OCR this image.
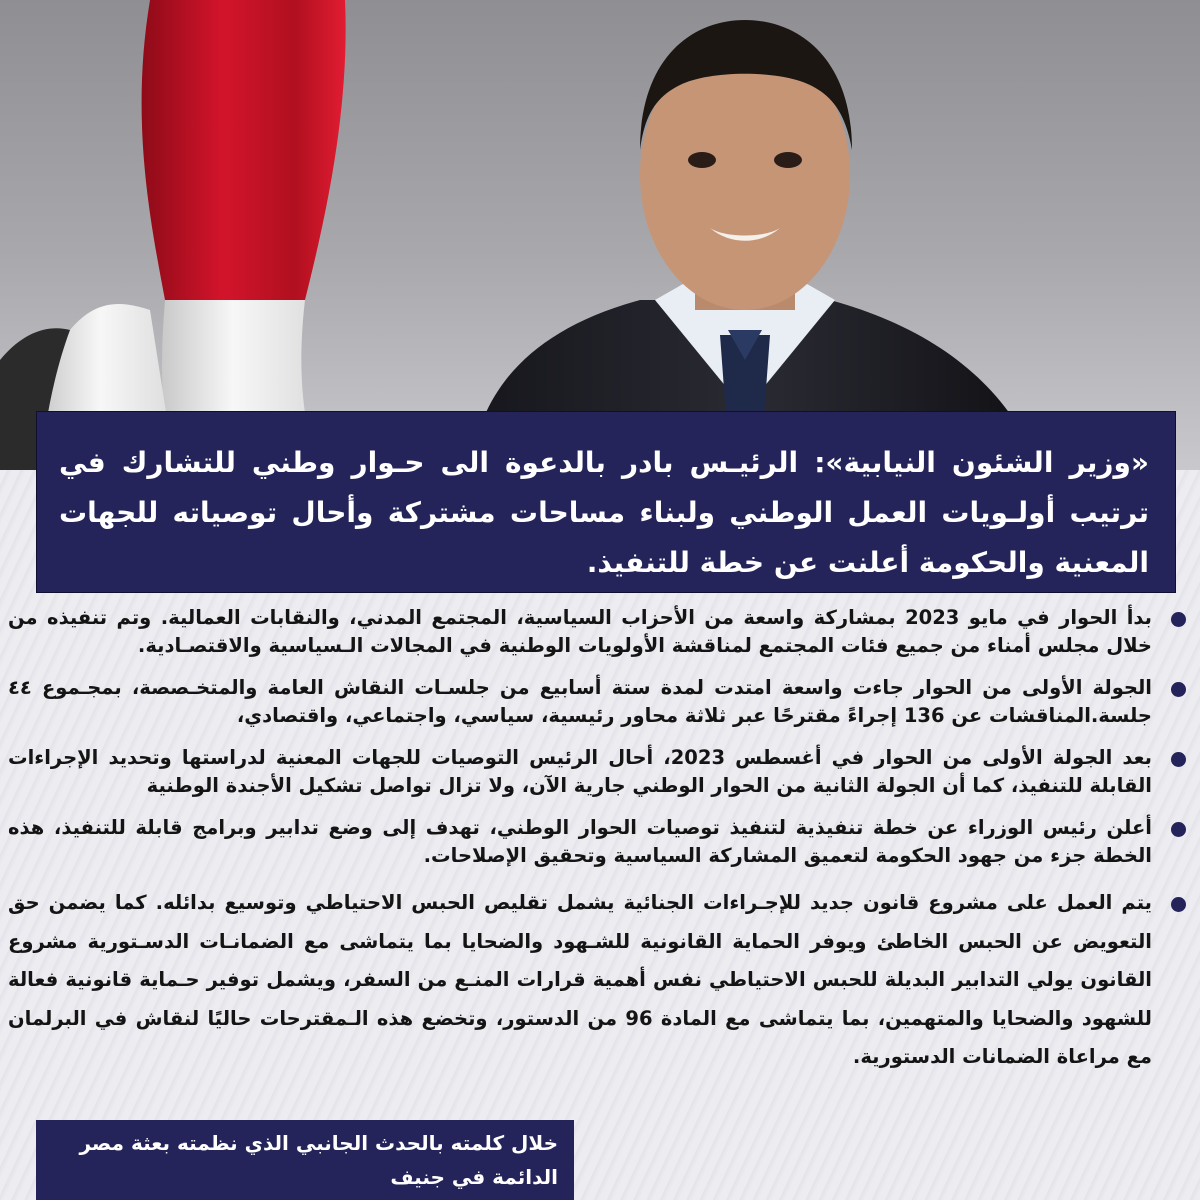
«وزير الشئون النيابية»: الرئيـس بادر بالدعوة الى حـوار وطني للتشارك في ترتيب أولـويات العمل الوطني ولبناء مساحات مشتركة وأحال توصياته للجهات المعنية والحكومة أعلنت عن خطة للتنفيذ.
بدأ الحوار في مايو 2023 بمشاركة واسعة من الأحزاب السياسية، المجتمع المدني، والنقابات العمالية. وتم تنفيذه من خلال مجلس أمناء من جميع فئات المجتمع لمناقشة الأولويات الوطنية في المجالات الـسياسية والاقتصـادية.
الجولة الأولى من الحوار جاءت واسعة امتدت لمدة ستة أسابيع من جلسـات النقاش العامة والمتخـصصة، بمجـموع ٤٤ جلسة.المناقشات عن 136 إجراءً مقترحًا عبر ثلاثة محاور رئيسية، سياسي، واجتماعي، واقتصادي،
بعد الجولة الأولى من الحوار في أغسطس 2023، أحال الرئيس التوصيات للجهات المعنية لدراستها وتحديد الإجراءات القابلة للتنفيذ، كما أن الجولة الثانية من الحوار الوطني جارية الآن، ولا تزال تواصل تشكيل الأجندة الوطنية
أعلن رئيس الوزراء عن خطة تنفيذية لتنفيذ توصيات الحوار الوطني، تهدف إلى وضع تدابير وبرامج قابلة للتنفيذ، هذه الخطة جزء من جهود الحكومة لتعميق المشاركة السياسية وتحقيق الإصلاحات.
يتم العمل على مشروع قانون جديد للإجـراءات الجنائية يشمل تقليص الحبس الاحتياطي وتوسيع بدائله. كما يضمن حق التعويض عن الحبس الخاطئ ويوفر الحماية القانونية للشـهود والضحايا بما يتماشى مع الضمانـات الدسـتورية مشروع القانون يولي التدابير البديلة للحبس الاحتياطي نفس أهمية قرارات المنـع من السفر، ويشمل توفير حـماية قانونية فعالة للشهود والضحايا والمتهمين، بما يتماشى مع المادة 96 من الدستور، وتخضع هذه الـمقترحات حاليًا لنقاش في البرلمان مع مراعاة الضمانات الدستورية.
خلال كلمته بالحدث الجانبي الذي نظمته بعثة مصر الدائمة في جنيف
